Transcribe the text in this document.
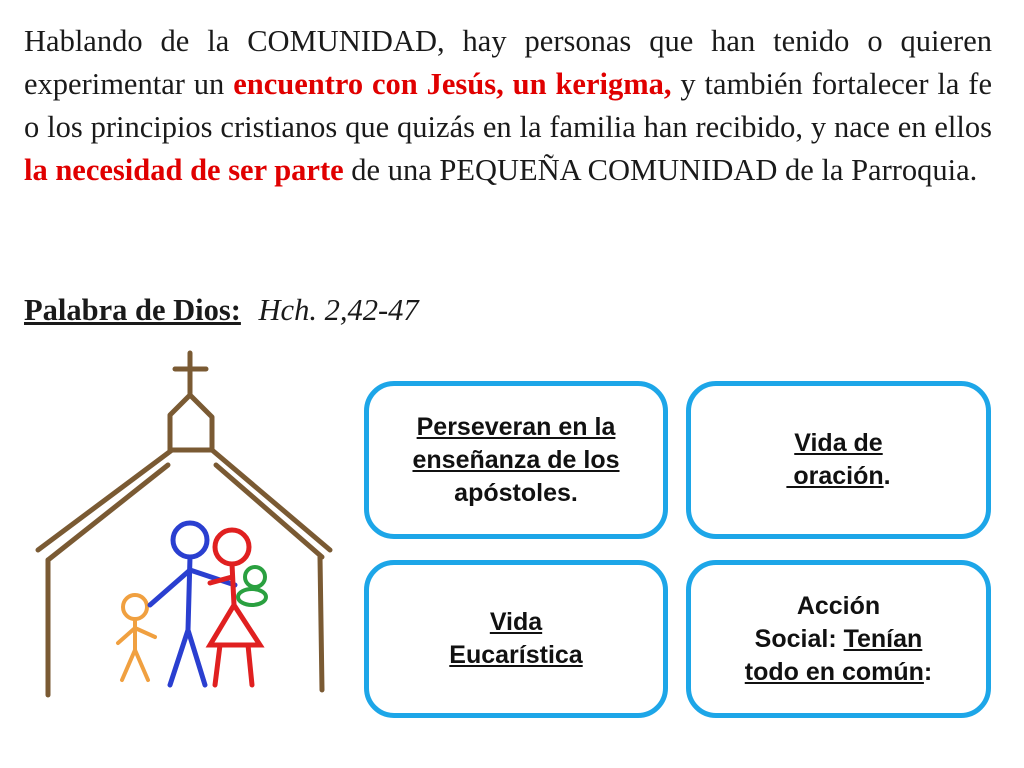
Hablando de la COMUNIDAD, hay personas que han tenido o quieren experimentar un encuentro con Jesús, un kerigma, y también fortalecer la fe o los principios cristianos que quizás en la familia han recibido, y nace en ellos la necesidad de ser parte de una PEQUEÑA COMUNIDAD de la Parroquia.
Palabra de Dios: Hch. 2,42-47
Perseveran en la
enseñanza de los
apóstoles.
Vida de
oración.
Vida
Eucarística
Acción
Social: Tenían
todo en común:
